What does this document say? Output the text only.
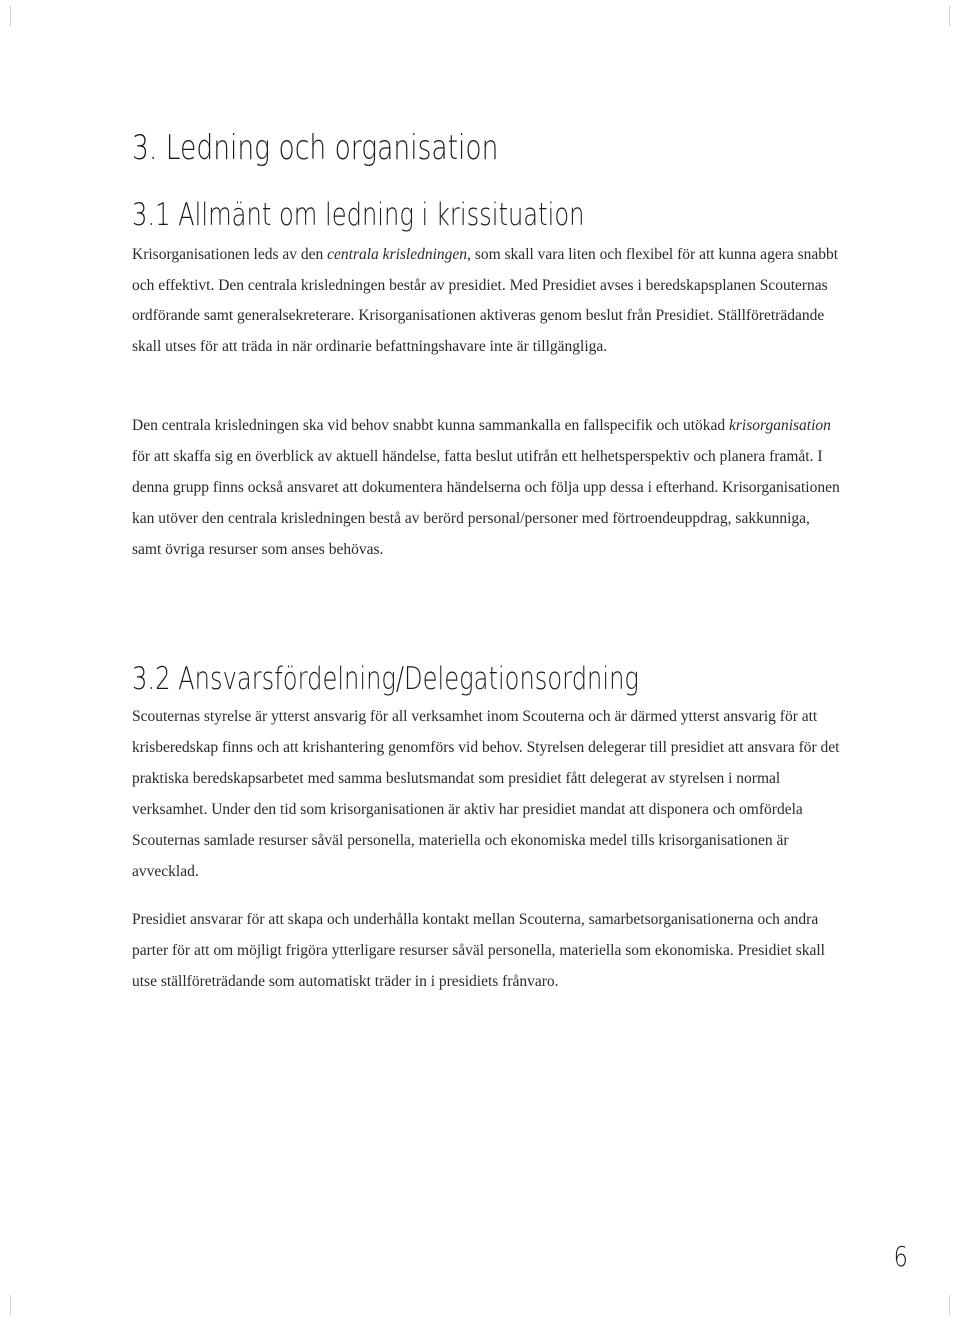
3. Ledning och organisation
3.1 Allmänt om ledning i krissituation

Krisorganisationen leds av den centrala krisledningen, som skall vara liten och flexibel för att kunna agera snabbt och effektivt. Den centrala krisledningen består av presidiet. Med Presidiet avses i beredskapsplanen Scouternas ordförande samt generalsekreterare. Krisorganisationen aktiveras genom beslut från Presidiet. Ställföreträdande skall utses för att träda in när ordinarie befattningshavare inte är tillgängliga.

Den centrala krisledningen ska vid behov snabbt kunna sammankalla en fallspecifik och utökad krisorganisation för att skaffa sig en överblick av aktuell händelse, fatta beslut utifrån ett helhetsperspektiv och planera framåt. I denna grupp finns också ansvaret att dokumentera händelserna och följa upp dessa i efterhand. Krisorganisationen kan utöver den centrala krisledningen bestå av berörd personal/personer med förtroendeuppdrag, sakkunniga, samt övriga resurser som anses behövas.

3.2 Ansvarsfördelning/Delegationsordning

Scouternas styrelse är ytterst ansvarig för all verksamhet inom Scouterna och är därmed ytterst ansvarig för att krisberedskap finns och att krishantering genomförs vid behov. Styrelsen delegerar till presidiet att ansvara för det praktiska beredskapsarbetet med samma beslutsmandat som presidiet fått delegerat av styrelsen i normal verksamhet. Under den tid som krisorganisationen är aktiv har presidiet mandat att disponera och omfördela Scouternas samlade resurser såväl personella, materiella och ekonomiska medel tills krisorganisationen är avvecklad.

Presidiet ansvarar för att skapa och underhålla kontakt mellan Scouterna, samarbetsorganisationerna och andra parter för att om möjligt frigöra ytterligare resurser såväl personella, materiella som ekonomiska. Presidiet skall utse ställföreträdande som automatiskt träder in i presidiets frånvaro.

6
